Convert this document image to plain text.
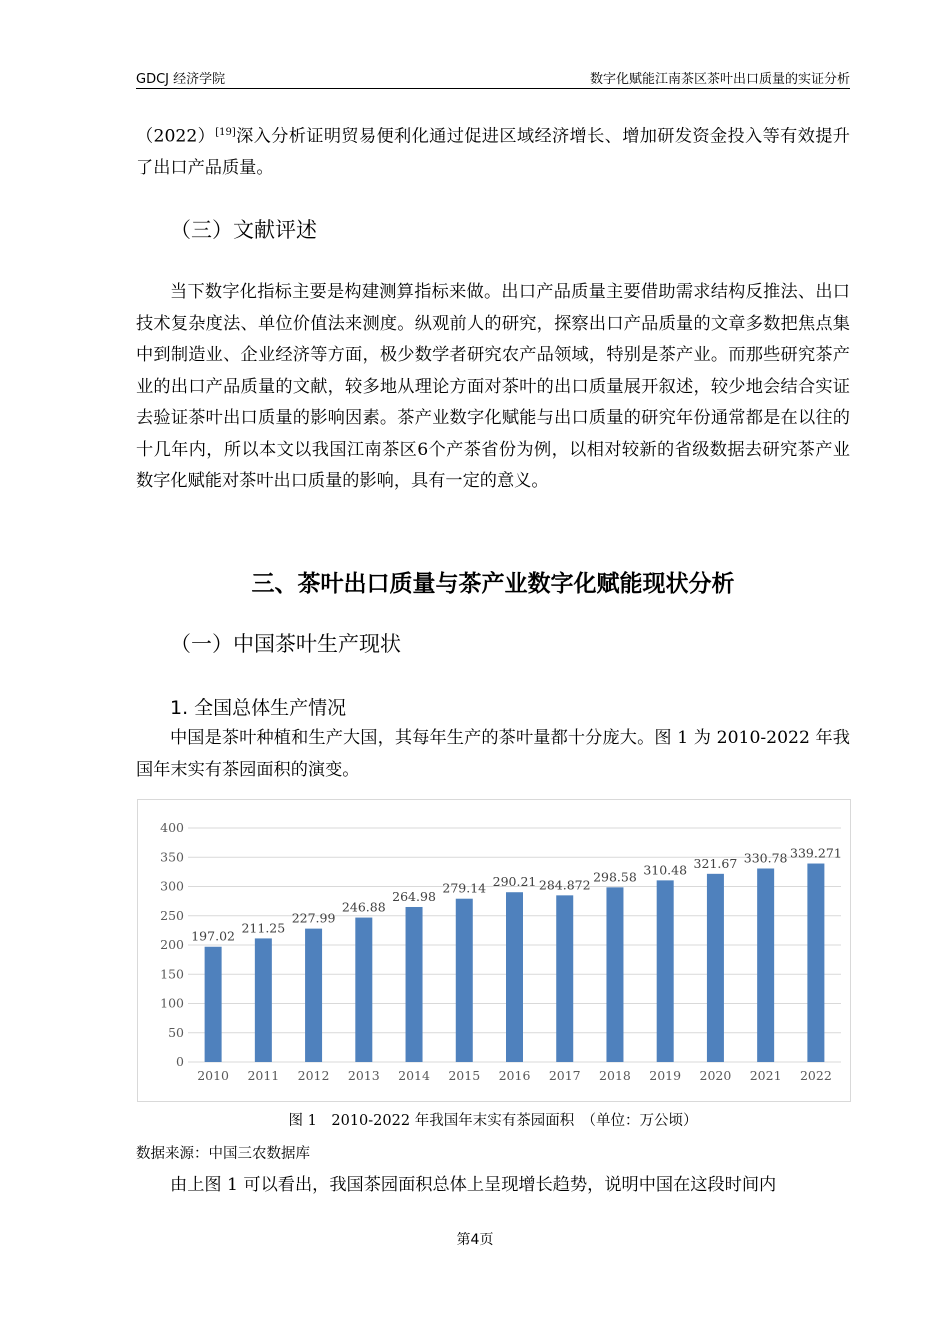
GDCJ 经济学院	数字化赋能江南茶区茶叶出口质量的实证分析

（2022）[19]深入分析证明贸易便利化通过促进区域经济增长、增加研发资金投入等有效提升了出口产品质量。

（三）文献评述

当下数字化指标主要是构建测算指标来做。出口产品质量主要借助需求结构反推法、出口技术复杂度法、单位价值法来测度。纵观前人的研究，探察出口产品质量的文章多数把焦点集中到制造业、企业经济等方面，极少数学者研究农产品领域，特别是茶产业。而那些研究茶产业的出口产品质量的文献，较多地从理论方面对茶叶的出口质量展开叙述，较少地会结合实证去验证茶叶出口质量的影响因素。茶产业数字化赋能与出口质量的研究年份通常都是在以往的十几年内，所以本文以我国江南茶区6个产茶省份为例，以相对较新的省级数据去研究茶产业数字化赋能对茶叶出口质量的影响，具有一定的意义。

三、茶叶出口质量与茶产业数字化赋能现状分析
（一）中国茶叶生产现状
1. 全国总体生产情况

中国是茶叶种植和生产大国，其每年生产的茶叶量都十分庞大。图 1 为 2010-2022 年我国年末实有茶园面积的演变。

0
50
100
150
200
250
300
350
400
197.02
211.25
227.99
246.88
264.98
279.14 290.21 284.872
298.58 310.48 321.67 330.78 339.271
2010 2011 2012 2013 2014 2015 2016 2017 2018 2019 2020 2021 2022
图 1　2010-2022 年我国年末实有茶园面积　（单位：万公顷）
数据来源：中国三农数据库

由上图 1 可以看出，我国茶园面积总体上呈现增长趋势，说明中国在这段时间内

第4页
